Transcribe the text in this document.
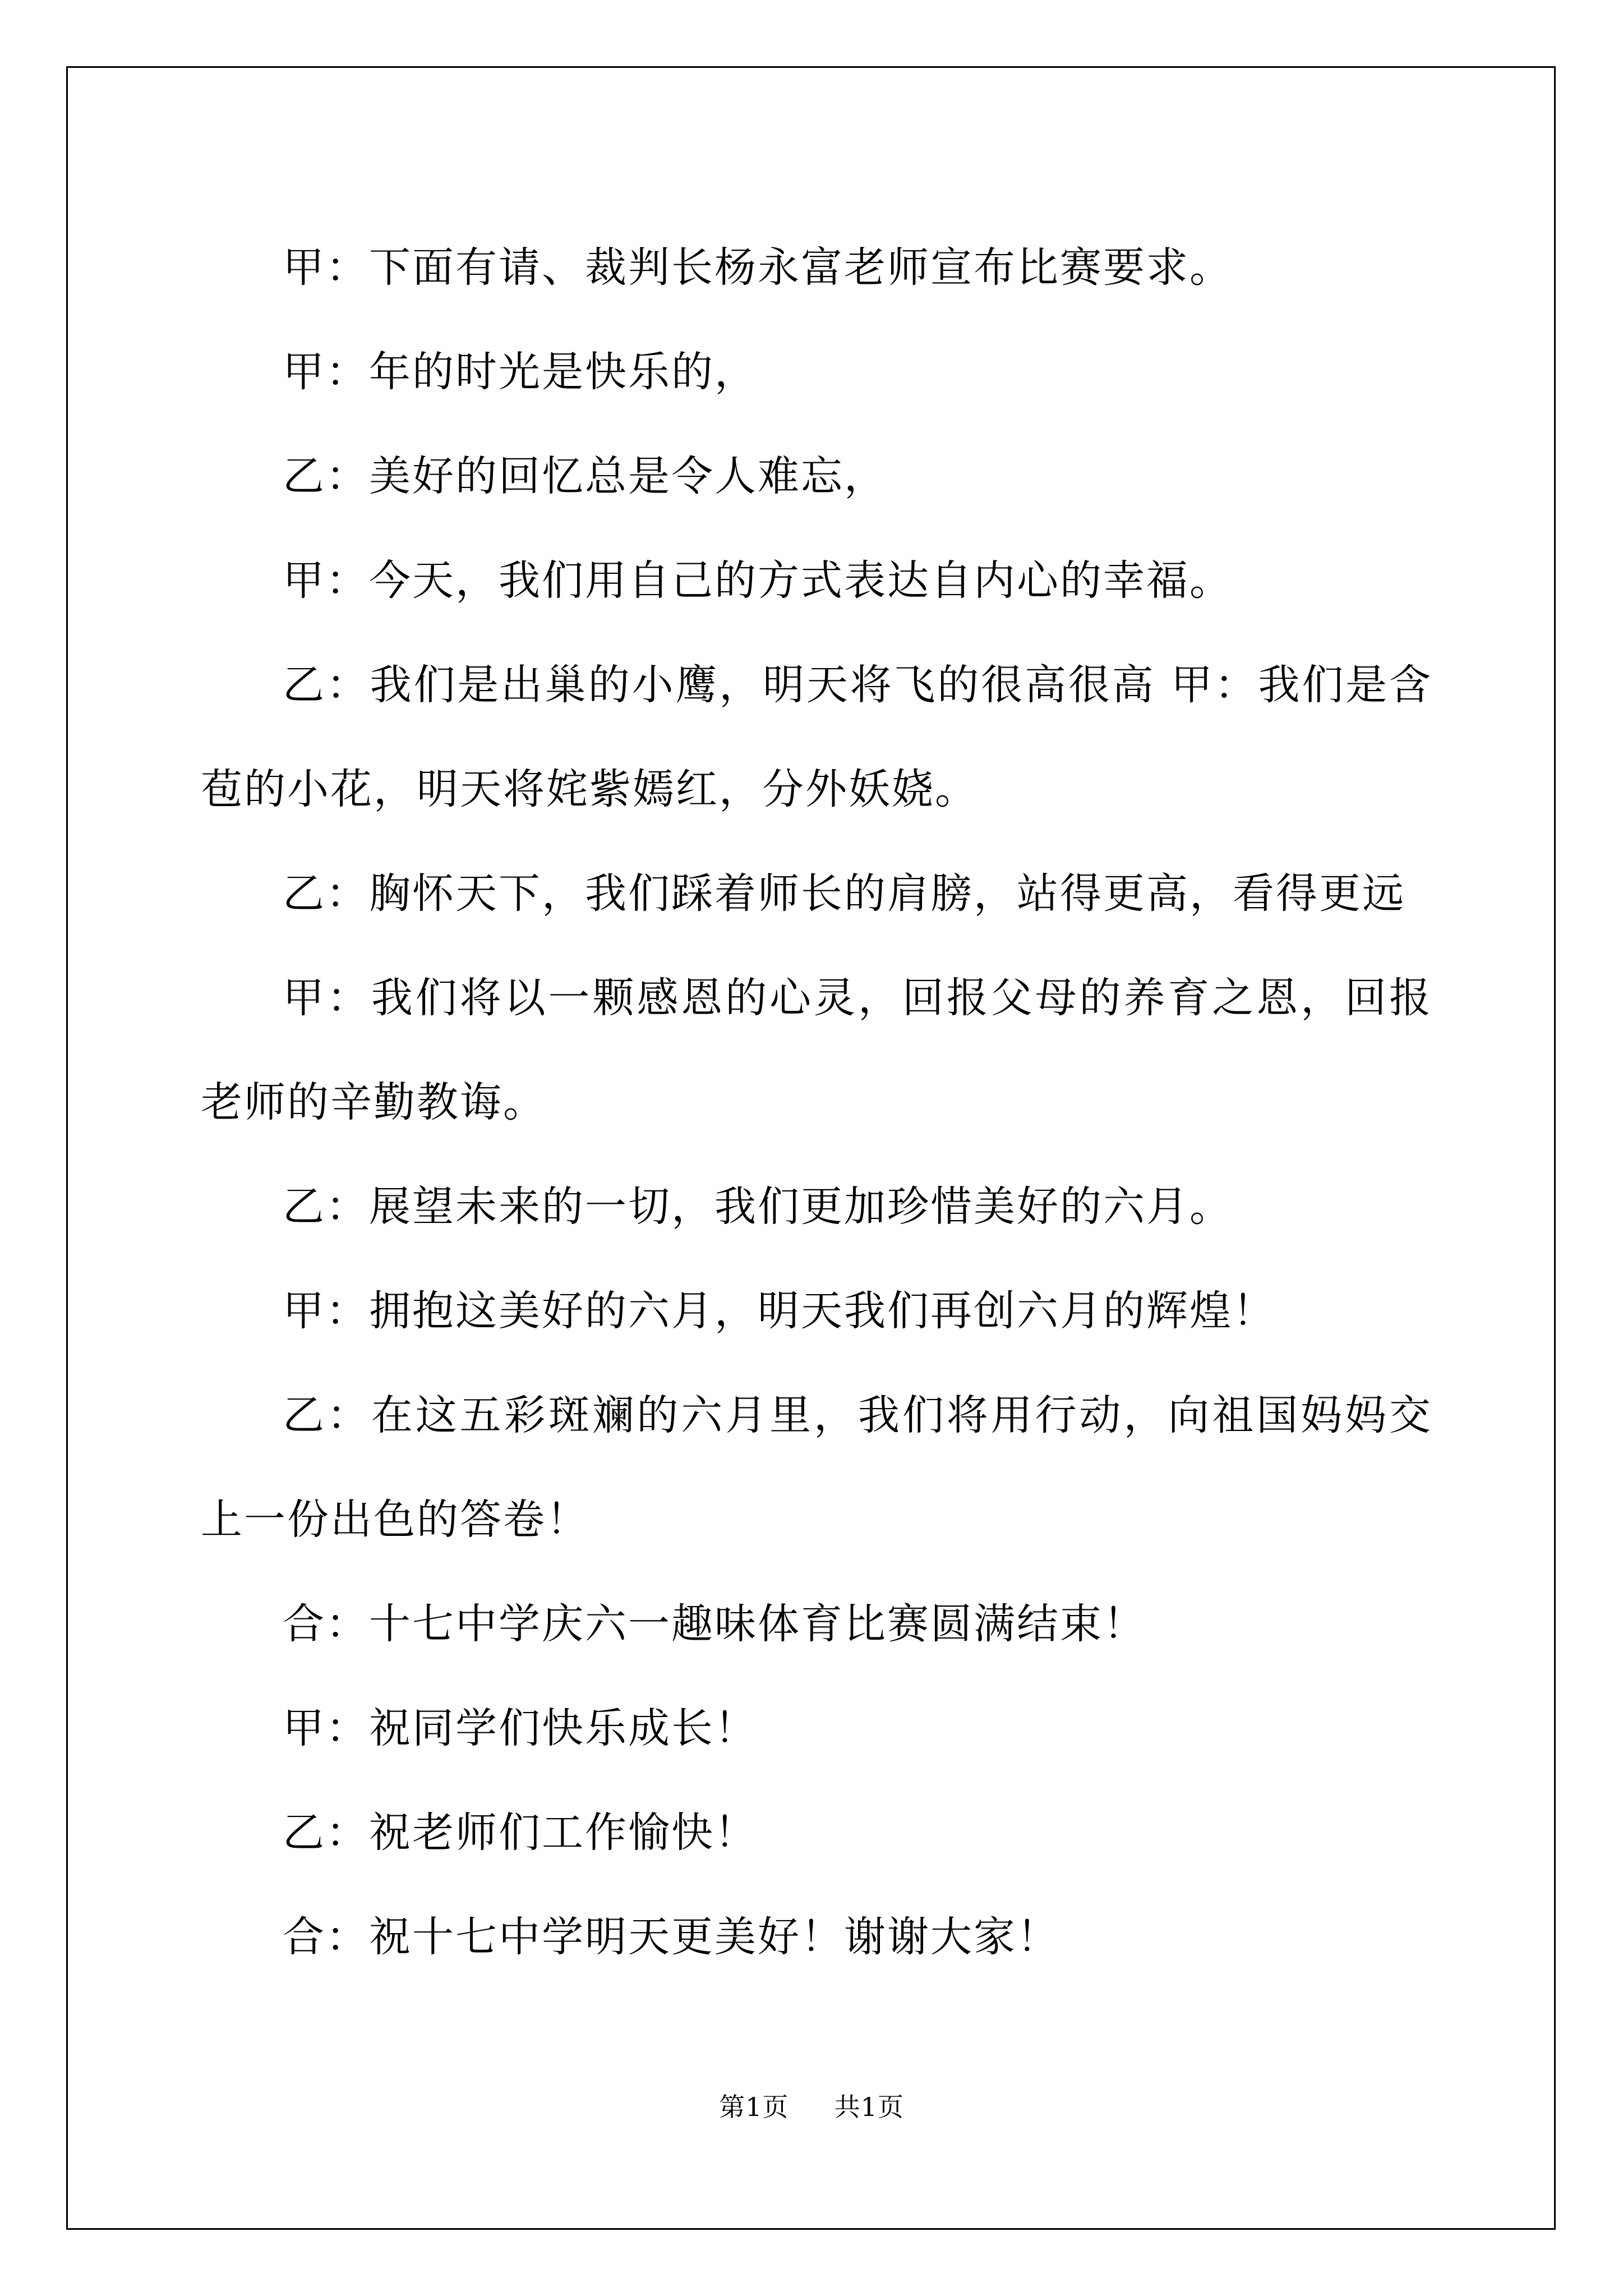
甲：下面有请、裁判长杨永富老师宣布比赛要求。

甲：年的时光是快乐的，

乙：美好的回忆总是令人难忘，

甲：今天，我们用自己的方式表达自内心的幸福。

乙：我们是出巢的小鹰，明天将飞的很高很高 甲：我们是含苞的小花，明天将姹紫嫣红，分外妖娆。

乙：胸怀天下，我们踩着师长的肩膀，站得更高，看得更远

甲：我们将以一颗感恩的心灵，回报父母的养育之恩，回报老师的辛勤教诲。

乙：展望未来的一切，我们更加珍惜美好的六月。

甲：拥抱这美好的六月，明天我们再创六月的辉煌！

乙：在这五彩斑斓的六月里，我们将用行动，向祖国妈妈交上一份出色的答卷！

合：十七中学庆六一趣味体育比赛圆满结束！

甲：祝同学们快乐成长！

乙：祝老师们工作愉快！

合：祝十七中学明天更美好！谢谢大家！

第1页 共1页
